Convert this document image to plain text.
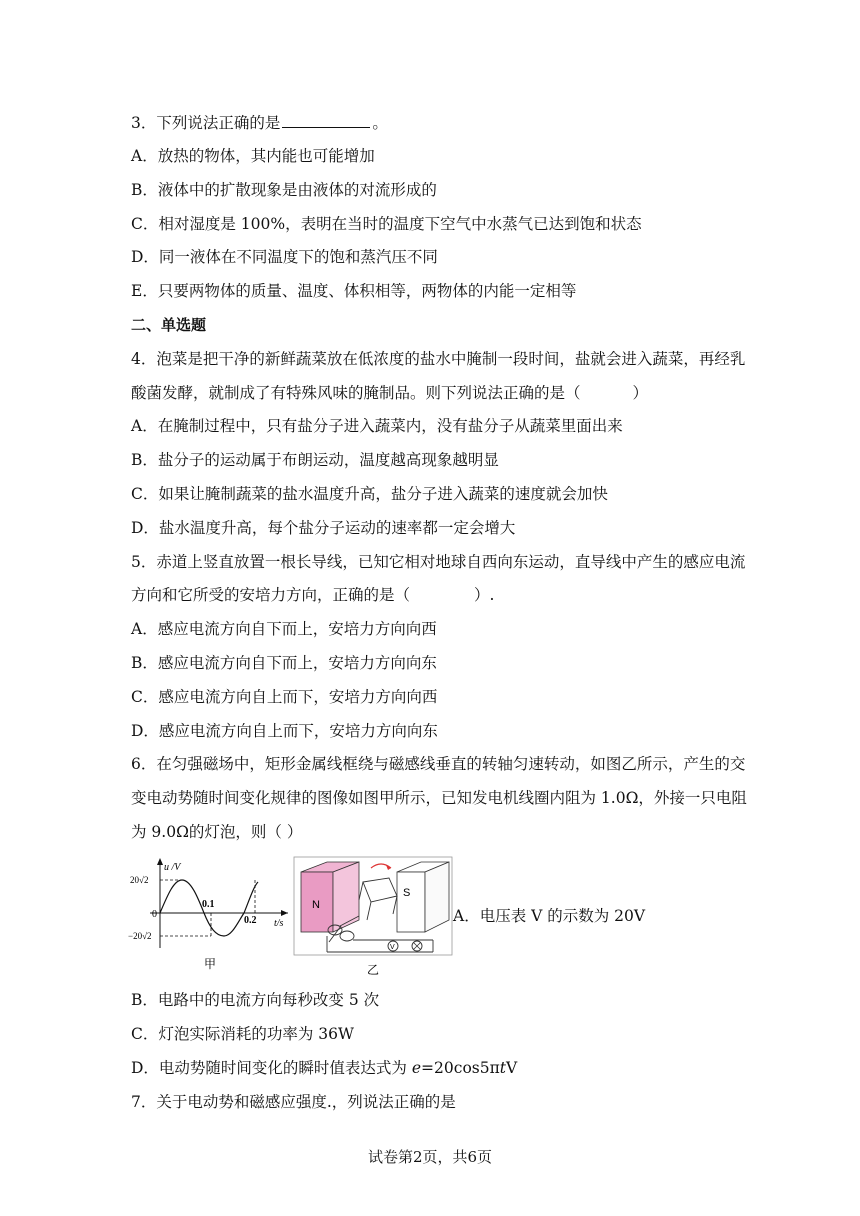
3．下列说法正确的是	。
A．放热的物体，其内能也可能增加
B．液体中的扩散现象是由液体的对流形成的
C．相对湿度是 100%，表明在当时的温度下空气中水蒸气已达到饱和状态
D．同一液体在不同温度下的饱和蒸汽压不同
E．只要两物体的质量、温度、体积相等，两物体的内能一定相等
二、单选题
4．泡菜是把干净的新鲜蔬菜放在低浓度的盐水中腌制一段时间，盐就会进入蔬菜，再经乳
酸菌发酵，就制成了有特殊风味的腌制品。则下列说法正确的是（	）
A．在腌制过程中，只有盐分子进入蔬菜内，没有盐分子从蔬菜里面出来
B．盐分子的运动属于布朗运动，温度越高现象越明显
C．如果让腌制蔬菜的盐水温度升高，盐分子进入蔬菜的速度就会加快
D．盐水温度升高，每个盐分子运动的速率都一定会增大
5．赤道上竖直放置一根长导线，已知它相对地球自西向东运动，直导线中产生的感应电流
方向和它所受的安培力方向，正确的是（	）.
A．感应电流方向自下而上，安培力方向向西
B．感应电流方向自下而上，安培力方向向东
C．感应电流方向自上而下，安培力方向向西
D．感应电流方向自上而下，安培力方向向东
6．在匀强磁场中，矩形金属线框绕与磁感线垂直的转轴匀速转动，如图乙所示，产生的交
变电动势随时间变化规律的图像如图甲所示，已知发电机线圈内阻为 1.0Ω，外接一只电阻
为 9.0Ω的灯泡，则（ ）
u /V
20√2
−20√2
0
0.1
0.2 t/s
甲
N
S
V
乙
A．电压表 V 的示数为 20V
B．电路中的电流方向每秒改变 5 次
C．灯泡实际消耗的功率为 36W
D．电动势随时间变化的瞬时值表达式为 e=20cos5πtV
7．关于电动势和磁感应强度.，列说法正确的是
试卷第2页，共6页
